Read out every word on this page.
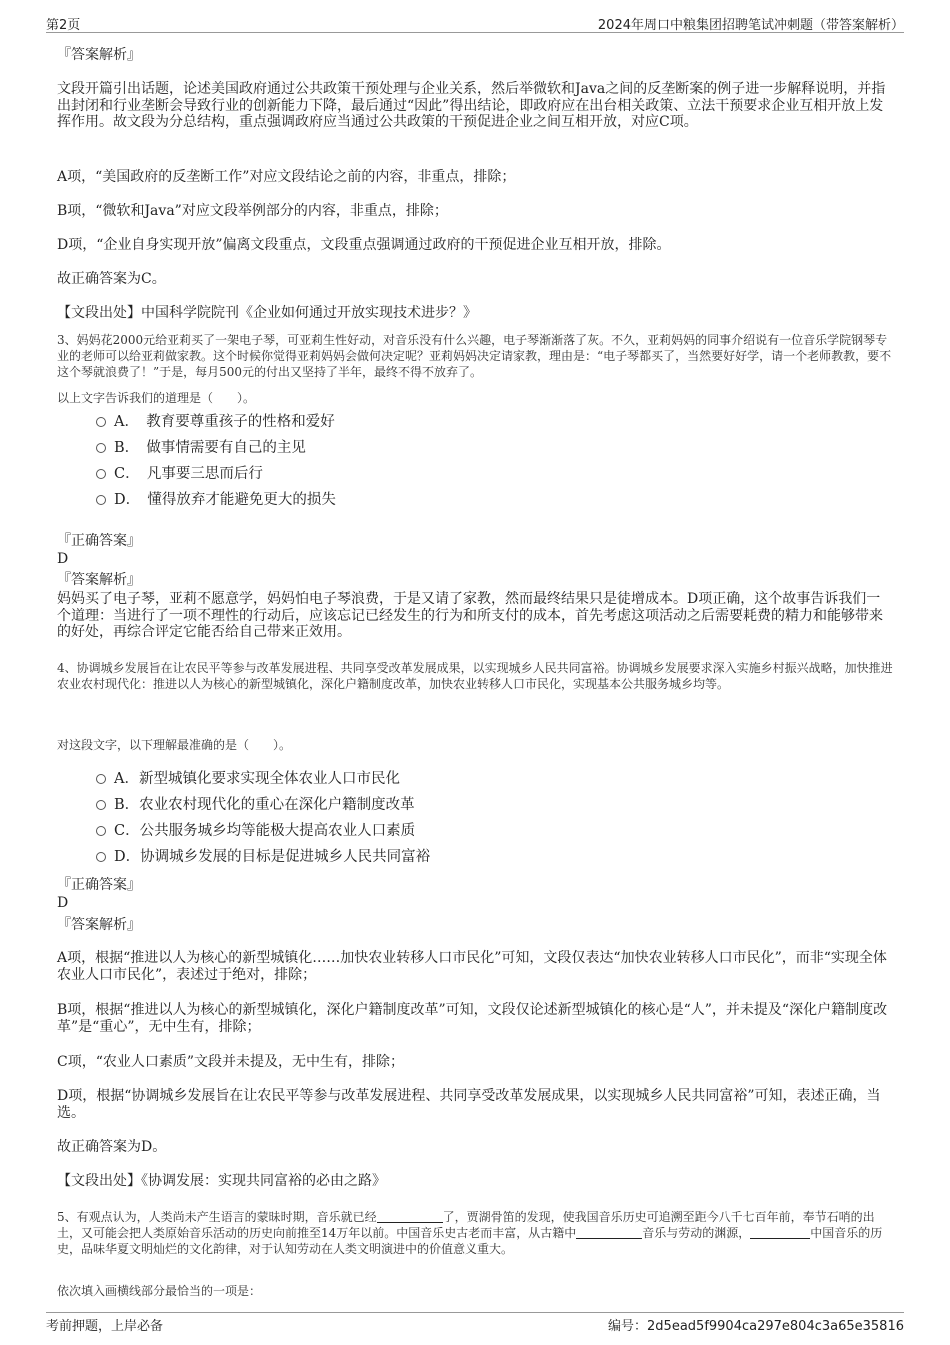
第2页	2024年周口中粮集团招聘笔试冲刺题（带答案解析）
『答案解析』

文段开篇引出话题，论述美国政府通过公共政策干预处理与企业关系，然后举微软和Java之间的反垄断案的例子进一步解释说明，并指出封闭和行业垄断会导致行业的创新能力下降，最后通过“因此”得出结论，即政府应在出台相关政策、立法干预要求企业互相开放上发挥作用。故文段为分总结构，重点强调政府应当通过公共政策的干预促进企业之间互相开放，对应C项。

A项，“美国政府的反垄断工作”对应文段结论之前的内容，非重点，排除；
B项，“微软和Java”对应文段举例部分的内容，非重点，排除；
D项，“企业自身实现开放”偏离文段重点，文段重点强调通过政府的干预促进企业互相开放，排除。
故正确答案为C。
【文段出处】中国科学院院刊《企业如何通过开放实现技术进步？》

3、妈妈花2000元给亚莉买了一架电子琴，可亚莉生性好动，对音乐没有什么兴趣，电子琴渐渐落了灰。不久，亚莉妈妈的同事介绍说有一位音乐学院钢琴专业的老师可以给亚莉做家教。这个时候你觉得亚莉妈妈会做何决定呢？亚莉妈妈决定请家教，理由是：“电子琴都买了，当然要好好学，请一个老师教教，要不这个琴就浪费了！”于是，每月500元的付出又坚持了半年，最终不得不放弃了。

以上文字告诉我们的道理是（　　）。
A．　教育要尊重孩子的性格和爱好
B．　做事情需要有自己的主见
C．　凡事要三思而后行
D．　懂得放弃才能避免更大的损失
『正确答案』
D
『答案解析』

妈妈买了电子琴，亚莉不愿意学，妈妈怕电子琴浪费，于是又请了家教，然而最终结果只是徒增成本。D项正确，这个故事告诉我们一个道理：当进行了一项不理性的行动后，应该忘记已经发生的行为和所支付的成本，首先考虑这项活动之后需要耗费的精力和能够带来的好处，再综合评定它能否给自己带来正效用。

4、协调城乡发展旨在让农民平等参与改革发展进程、共同享受改革发展成果，以实现城乡人民共同富裕。协调城乡发展要求深入实施乡村振兴战略，加快推进农业农村现代化：推进以人为核心的新型城镇化，深化户籍制度改革，加快农业转移人口市民化，实现基本公共服务城乡均等。

对这段文字，以下理解最准确的是（　　）。
A．新型城镇化要求实现全体农业人口市民化
B．农业农村现代化的重心在深化户籍制度改革
C．公共服务城乡均等能极大提高农业人口素质
D．协调城乡发展的目标是促进城乡人民共同富裕
『正确答案』
D
『答案解析』

A项，根据“推进以人为核心的新型城镇化……加快农业转移人口市民化”可知，文段仅表达“加快农业转移人口市民化”，而非“实现全体农业人口市民化”，表述过于绝对，排除；

B项，根据“推进以人为核心的新型城镇化，深化户籍制度改革”可知，文段仅论述新型城镇化的核心是“人”，并未提及“深化户籍制度改革”是“重心”，无中生有，排除；

C项，“农业人口素质”文段并未提及，无中生有，排除；

D项，根据“协调城乡发展旨在让农民平等参与改革发展进程、共同享受改革发展成果，以实现城乡人民共同富裕”可知，表述正确，当选。

故正确答案为D。
【文段出处】《协调发展：实现共同富裕的必由之路》

5、有观点认为，人类尚未产生语言的蒙昧时期，音乐就已经	了，贾湖骨笛的发现，使我国音乐历史可追溯至距今八千七百年前，奉节石哨的出土，又可能会把人类原始音乐活动的历史向前推至14万年以前。中国音乐史古老而丰富，从古籍中	音乐与劳动的渊源，	中国音乐的历史，品味华夏文明灿烂的文化韵律，对于认知劳动在人类文明演进中的价值意义重大。

依次填入画横线部分最恰当的一项是：
考前押题，上岸必备	编号：2d5ead5f9904ca297e804c3a65e35816
